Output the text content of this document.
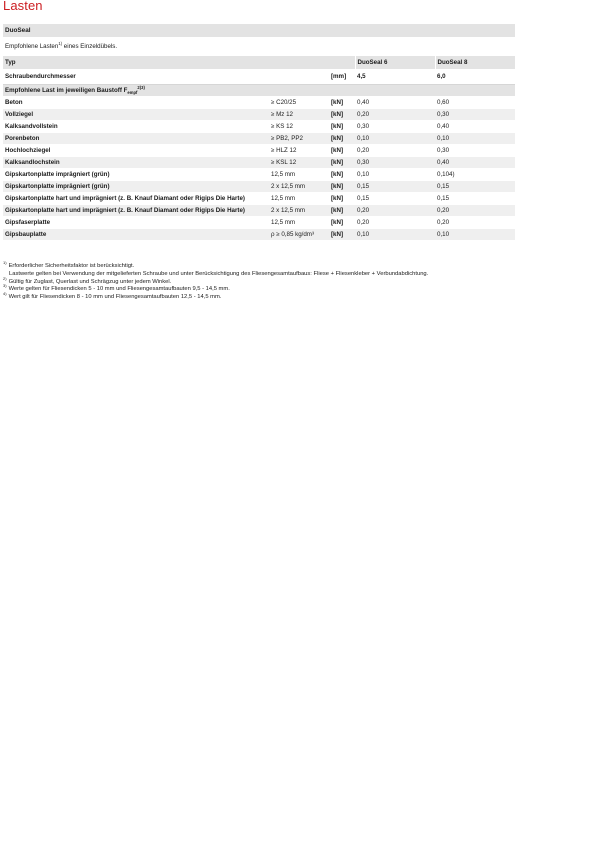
Lasten
DuoSeal
Empfohlene Lasten$^{1)}$ eines Einzeldübels.
Typ			DuoSeal 6	DuoSeal 8
Schraubendurchmesser		[mm]	4,5	6,0
Empfohlene Last im jeweiligen Baustoff $F_{empf}^{2)3)}$
Beton	≥ C20/25	[kN]	0,40	0,60
Vollziegel	≥ Mz 12	[kN]	0,20	0,30
Kalksandvollstein	≥ KS 12	[kN]	0,30	0,40
Porenbeton	≥ PB2, PP2	[kN]	0,10	0,10
Hochlochziegel	≥ HLZ 12	[kN]	0,20	0,30
Kalksandlochstein	≥ KSL 12	[kN]	0,30	0,40
Gipskartonplatte imprägniert (grün)	12,5 mm	[kN]	0,10	0,104)
Gipskartonplatte imprägniert (grün)	2 x 12,5 mm	[kN]	0,15	0,15
Gipskartonplatte hart und imprägniert (z. B. Knauf Diamant oder Rigips Die Harte)	12,5 mm	[kN]	0,15	0,15
Gipskartonplatte hart und imprägniert (z. B. Knauf Diamant oder Rigips Die Harte)	2 x 12,5 mm	[kN]	0,20	0,20
Gipsfaserplatte	12,5 mm	[kN]	0,20	0,20
Gipsbauplatte	ρ ≥ 0,85 kg/dm³	[kN]	0,10	0,10
$^{1)}$Erforderlicher Sicherheitsfaktor ist berücksichtigt.
Lastwerte gelten bei Verwendung der mitgelieferten Schraube und unter Berücksichtigung des Fliesengesamtaufbaus: Fliese + Fliesenkleber + Verbundabdichtung.
$^{2)}$Gültig für Zuglast, Querlast und Schrägzug unter jedem Winkel.
$^{3)}$Werte gelten für Fliesendicken 5 - 10 mm und Fliesengesamtaufbauten 9,5 - 14,5 mm.
$^{4)}$Wert gilt für Fliesendicken 8 - 10 mm und Fliesengesamtaufbauten 12,5 - 14,5 mm.
